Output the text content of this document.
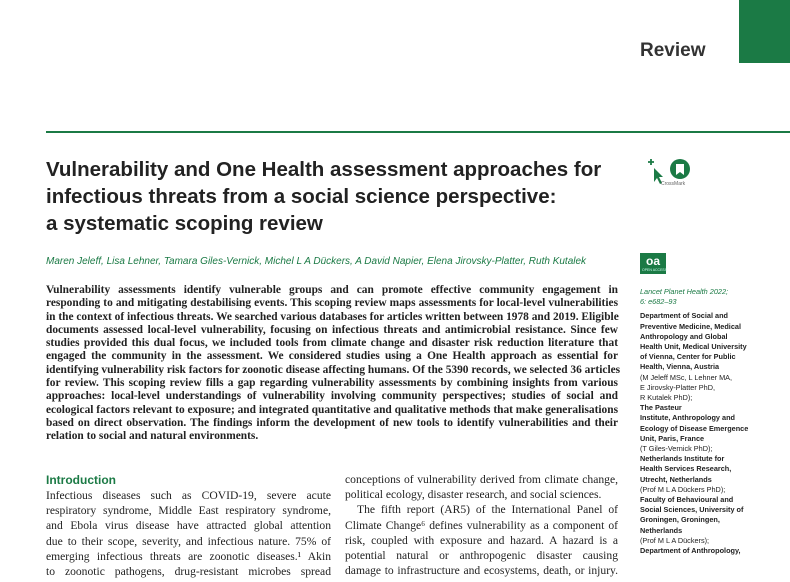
Review
Vulnerability and One Health assessment approaches for
infectious threats from a social science perspective:
a systematic scoping review
CrossMark
Maren Jeleff, Lisa Lehner, Tamara Giles-Vernick, Michel L A Dückers, A David Napier, Elena Jirovsky-Platter, Ruth Kutalek	oa
OPEN ACCESS
Vulnerability assessments identify vulnerable groups and can promote effective community engagement in
responding to and mitigating destabilising events. This scoping review maps assessments for local-level vulnerabilities
in the context of infectious threats. We searched various databases for articles written between 1978 and 2019. Eligible
documents assessed local-level vulnerability, focusing on infectious threats and antimicrobial resistance. Since few
studies provided this dual focus, we included tools from climate change and disaster risk reduction literature that
engaged the community in the assessment. We considered studies using a One Health approach as essential for
identifying vulnerability risk factors for zoonotic disease affecting humans. Of the 5390 records, we selected 36 articles
for review. This scoping review fills a gap regarding vulnerability assessments by combining insights from various
approaches: local-level understandings of vulnerability involving community perspectives; studies of social and
ecological factors relevant to exposure; and integrated quantitative and qualitative methods that make generalisations
based on direct observation. The findings inform the development of new tools to identify vulnerabilities and their
relation to social and natural environments.
Introduction
Infectious diseases such as COVID-19, severe acute
respiratory syndrome, Middle East respiratory syndrome,
and Ebola virus disease have attracted global attention
due to their scope, severity, and infectious nature. 75% of
emerging infectious threats are zoonotic diseases.¹ Akin
to zoonotic pathogens, drug-resistant microbes spread
conceptions of vulnerability derived from climate change,
political ecology, disaster research, and social sciences.
The fifth report (AR5) of the International Panel of
Climate Change⁶ defines vulnerability as a component of
risk, coupled with exposure and hazard. A hazard is a
potential natural or anthropogenic disaster causing
damage to infrastructure and ecosystems, death, or injury.
Lancet Planet Health 2022;
6: e682–93
Department of Social and
Preventive Medicine, Medical
Anthropology and Global
Health Unit, Medical University
of Vienna, Center for Public
Health, Vienna, Austria
(M Jeleff MSc, L Lehner MA,
E Jirovsky-Platter PhD,
R Kutalek PhD);
The Pasteur
Institute, Anthropology and
Ecology of Disease Emergence
Unit, Paris, France
(T Giles-Vernick PhD);
Netherlands Institute for
Health Services Research,
Utrecht, Netherlands
(Prof M L A Dückers PhD);
Faculty of Behavioural and
Social Sciences, University of
Groningen, Groningen,
Netherlands
(Prof M L A Dückers);
Department of Anthropology,
